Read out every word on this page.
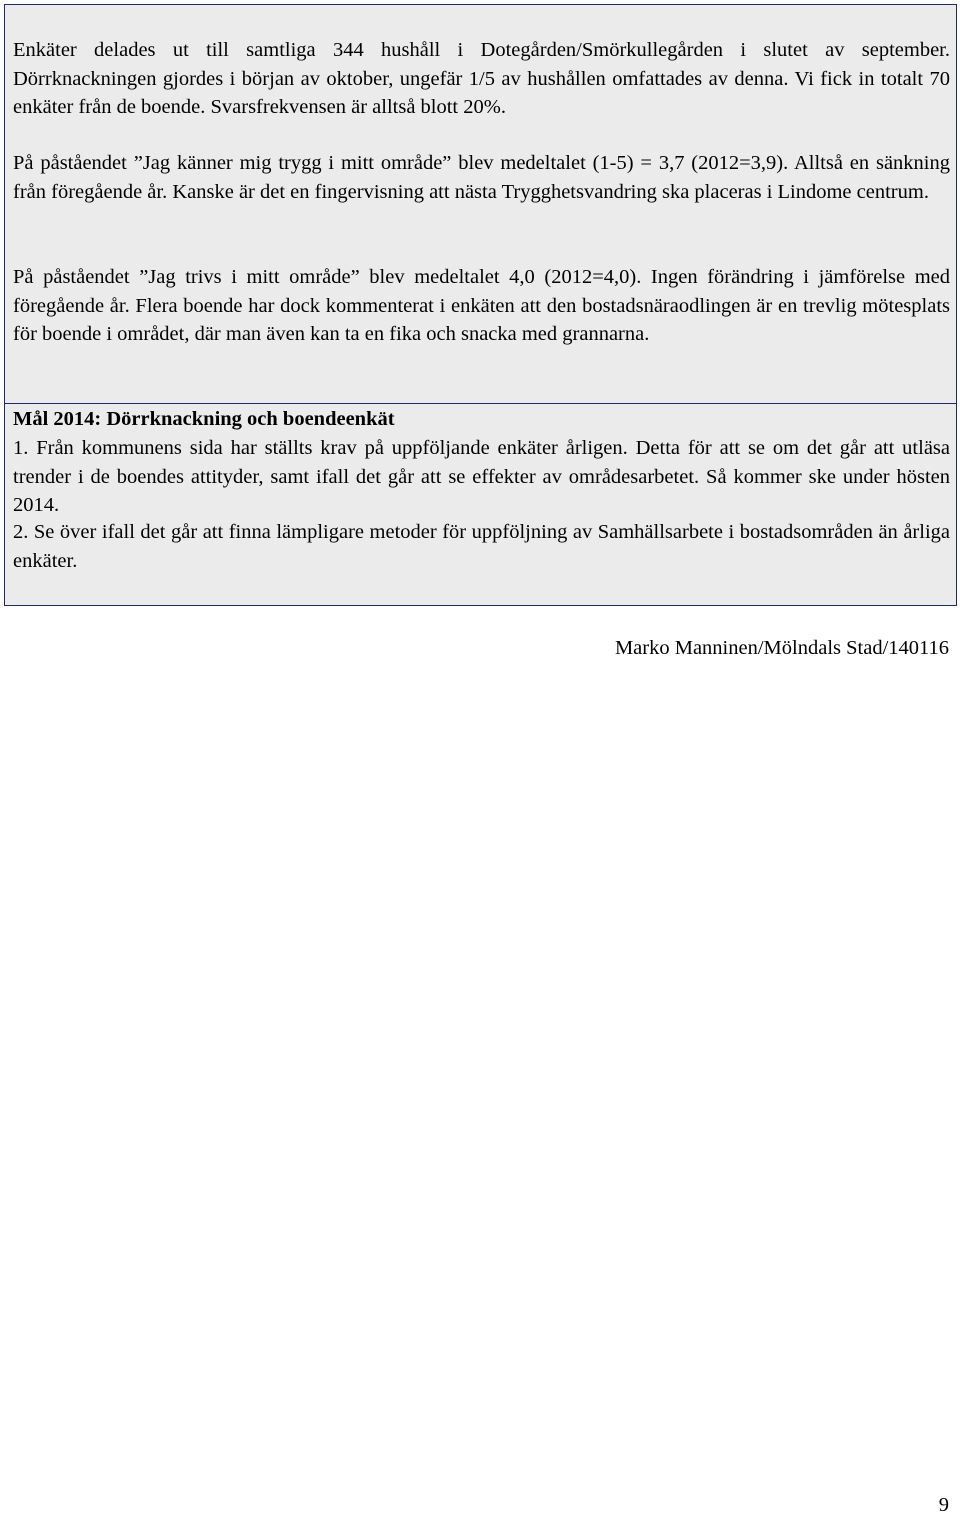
Enkäter delades ut till samtliga 344 hushåll i Dotegården/Smörkullegården i slutet av september. Dörrknackningen gjordes i början av oktober, ungefär 1/5 av hushållen omfattades av denna. Vi fick in totalt 70 enkäter från de boende. Svarsfrekvensen är alltså blott 20%.

På påståendet ”Jag känner mig trygg i mitt område” blev medeltalet (1-5) = 3,7 (2012=3,9). Alltså en sänkning från föregående år. Kanske är det en fingervisning att nästa Trygghetsvandring ska placeras i Lindome centrum.

På påståendet ”Jag trivs i mitt område” blev medeltalet 4,0 (2012=4,0). Ingen förändring i jämförelse med föregående år. Flera boende har dock kommenterat i enkäten att den bostadsnäraodlingen är en trevlig mötesplats för boende i området, där man även kan ta en fika och snacka med grannarna.

Mål 2014: Dörrknackning och boendeenkät

1. Från kommunens sida har ställts krav på uppföljande enkäter årligen. Detta för att se om det går att utläsa trender i de boendes attityder, samt ifall det går att se effekter av områdesarbetet. Så kommer ske under hösten 2014.

2. Se över ifall det går att finna lämpligare metoder för uppföljning av Samhällsarbete i bostadsområden än årliga enkäter.

Marko Manninen/Mölndals Stad/140116
9
